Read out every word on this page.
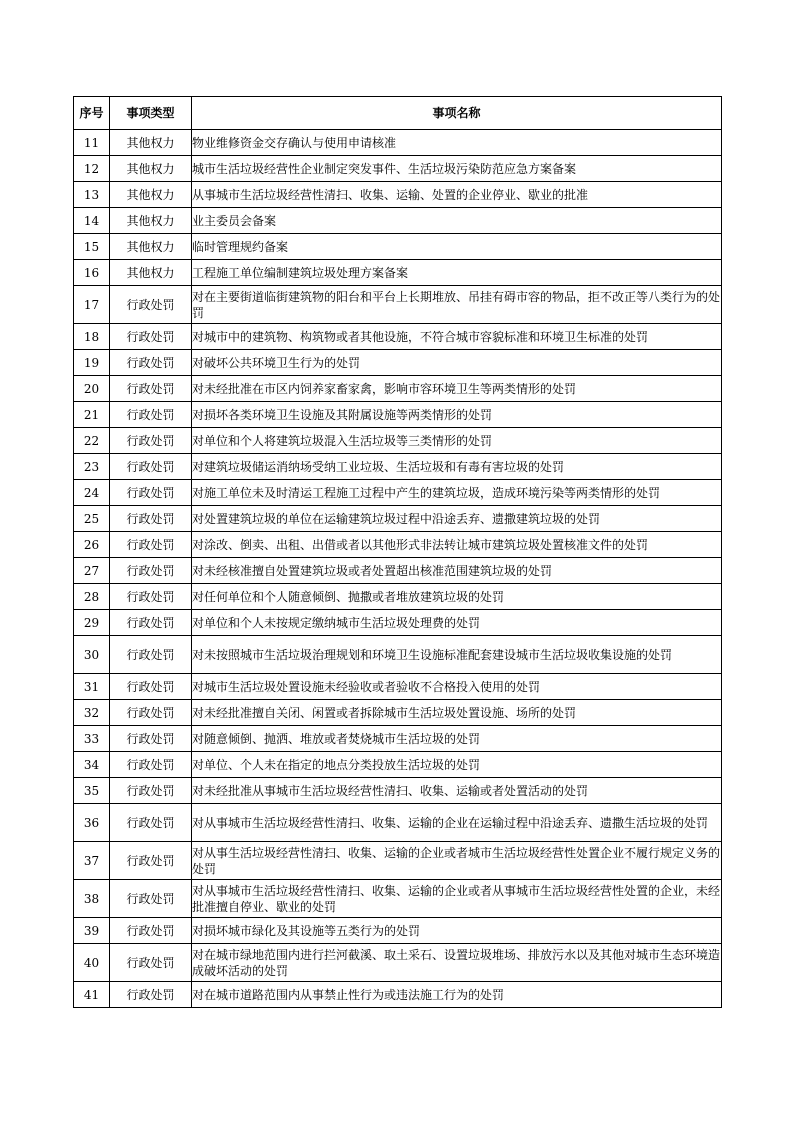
序号	事项类型	事项名称
11	其他权力	物业维修资金交存确认与使用申请核准
12	其他权力	城市生活垃圾经营性企业制定突发事件、生活垃圾污染防范应急方案备案
13	其他权力	从事城市生活垃圾经营性清扫、收集、运输、处置的企业停业、歇业的批准
14	其他权力	业主委员会备案
15	其他权力	临时管理规约备案
16	其他权力	工程施工单位编制建筑垃圾处理方案备案
17	行政处罚	对在主要街道临街建筑物的阳台和平台上长期堆放、吊挂有碍市容的物品，拒不改正等八类行为的处罚
18	行政处罚	对城市中的建筑物、构筑物或者其他设施，不符合城市容貌标准和环境卫生标准的处罚
19	行政处罚	对破坏公共环境卫生行为的处罚
20	行政处罚	对未经批准在市区内饲养家畜家禽，影响市容环境卫生等两类情形的处罚
21	行政处罚	对损坏各类环境卫生设施及其附属设施等两类情形的处罚
22	行政处罚	对单位和个人将建筑垃圾混入生活垃圾等三类情形的处罚
23	行政处罚	对建筑垃圾储运消纳场受纳工业垃圾、生活垃圾和有毒有害垃圾的处罚
24	行政处罚	对施工单位未及时清运工程施工过程中产生的建筑垃圾，造成环境污染等两类情形的处罚
25	行政处罚	对处置建筑垃圾的单位在运输建筑垃圾过程中沿途丢弃、遗撒建筑垃圾的处罚
26	行政处罚	对涂改、倒卖、出租、出借或者以其他形式非法转让城市建筑垃圾处置核准文件的处罚
27	行政处罚	对未经核准擅自处置建筑垃圾或者处置超出核准范围建筑垃圾的处罚
28	行政处罚	对任何单位和个人随意倾倒、抛撒或者堆放建筑垃圾的处罚
29	行政处罚	对单位和个人未按规定缴纳城市生活垃圾处理费的处罚
30	行政处罚	对未按照城市生活垃圾治理规划和环境卫生设施标准配套建设城市生活垃圾收集设施的处罚
31	行政处罚	对城市生活垃圾处置设施未经验收或者验收不合格投入使用的处罚
32	行政处罚	对未经批准擅自关闭、闲置或者拆除城市生活垃圾处置设施、场所的处罚
33	行政处罚	对随意倾倒、抛洒、堆放或者焚烧城市生活垃圾的处罚
34	行政处罚	对单位、个人未在指定的地点分类投放生活垃圾的处罚
35	行政处罚	对未经批准从事城市生活垃圾经营性清扫、收集、运输或者处置活动的处罚
36	行政处罚	对从事城市生活垃圾经营性清扫、收集、运输的企业在运输过程中沿途丢弃、遗撒生活垃圾的处罚
37	行政处罚	对从事生活垃圾经营性清扫、收集、运输的企业或者城市生活垃圾经营性处置企业不履行规定义务的处罚
38	行政处罚	对从事城市生活垃圾经营性清扫、收集、运输的企业或者从事城市生活垃圾经营性处置的企业，未经批准擅自停业、歇业的处罚
39	行政处罚	对损坏城市绿化及其设施等五类行为的处罚
40	行政处罚	对在城市绿地范围内进行拦河截溪、取土采石、设置垃圾堆场、排放污水以及其他对城市生态环境造成破坏活动的处罚
41	行政处罚	对在城市道路范围内从事禁止性行为或违法施工行为的处罚
